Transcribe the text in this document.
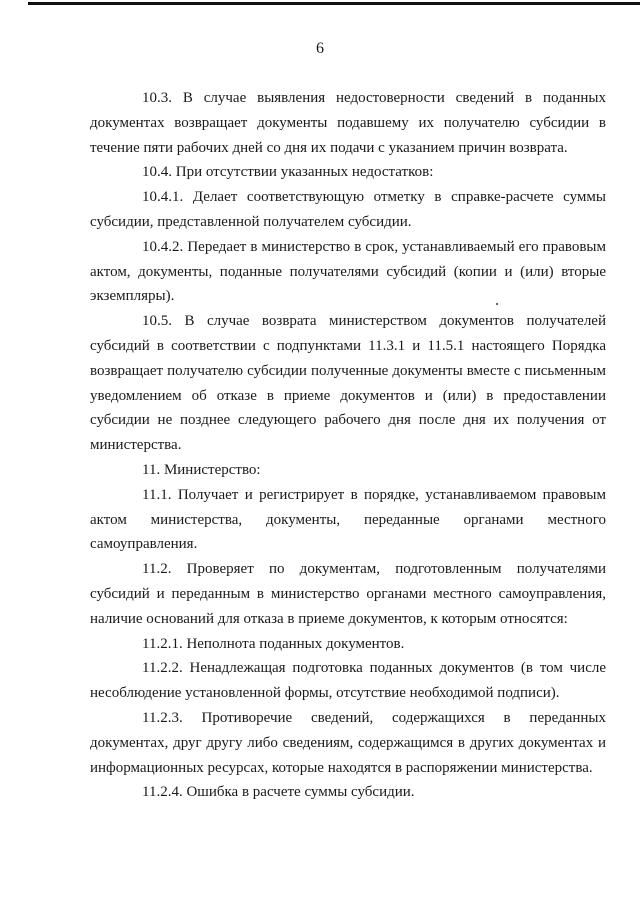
6

10.3. В случае выявления недостоверности сведений в поданных документах возвращает документы подавшему их получателю субсидии в течение пяти рабочих дней со дня их подачи с указанием причин возврата.

10.4. При отсутствии указанных недостатков:

10.4.1. Делает соответствующую отметку в справке-расчете суммы субсидии, представленной получателем субсидии.

10.4.2. Передает в министерство в срок, устанавливаемый его правовым актом, документы, поданные получателями субсидий (копии и (или) вторые экземпляры).

10.5. В случае возврата министерством документов получателей субсидий в соответствии с подпунктами 11.3.1 и 11.5.1 настоящего Порядка возвращает получателю субсидии полученные документы вместе с письменным уведомлением об отказе в приеме документов и (или) в предоставлении субсидии не позднее следующего рабочего дня после дня их получения от министерства.

11. Министерство:

11.1. Получает и регистрирует в порядке, устанавливаемом правовым актом министерства, документы, переданные органами местного самоуправления.

11.2. Проверяет по документам, подготовленным получателями субсидий и переданным в министерство органами местного самоуправления, наличие оснований для отказа в приеме документов, к которым относятся:

11.2.1. Неполнота поданных документов.

11.2.2. Ненадлежащая подготовка поданных документов (в том числе несоблюдение установленной формы, отсутствие необходимой подписи).

11.2.3. Противоречие сведений, содержащихся в переданных документах, друг другу либо сведениям, содержащимся в других документах и информационных ресурсах, которые находятся в распоряжении министерства.

11.2.4. Ошибка в расчете суммы субсидии.
